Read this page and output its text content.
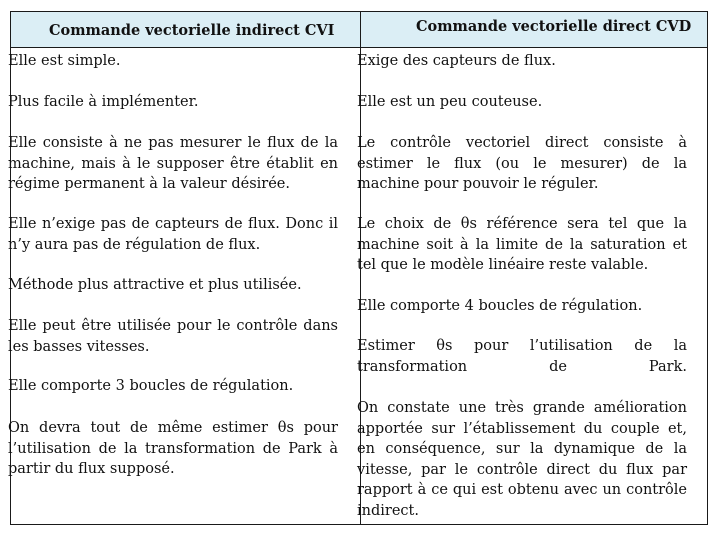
Commande vectorielle indirect CVI	Commande vectorielle direct CVD

Elle est simple.

Plus facile à implémenter.

Elle consiste à ne pas mesurer le flux de la machine, mais à le supposer être établit en régime permanent à la valeur désirée.

Elle n’exige pas de capteurs de flux. Donc il n’y aura pas de régulation de flux.

Méthode plus attractive et plus utilisée.

Elle peut être utilisée pour le contrôle dans les basses vitesses.

Elle comporte 3 boucles de régulation.

On devra tout de même estimer θs pour l’utilisation de la transformation de Park à partir du flux supposé.

Exige des capteurs de flux.

Elle est un peu couteuse.

Le contrôle vectoriel direct consiste à estimer le flux (ou le mesurer) de la machine pour pouvoir le réguler.

Le choix de θs référence sera tel que la machine soit à la limite de la saturation et tel que le modèle linéaire reste valable.

Elle comporte 4 boucles de régulation.

Estimer θs pour l’utilisation de la transformation de Park.

On constate une très grande amélioration apportée sur l’établissement du couple et, en conséquence, sur la dynamique de la vitesse, par le contrôle direct du flux par rapport à ce qui est obtenu avec un contrôle indirect.
